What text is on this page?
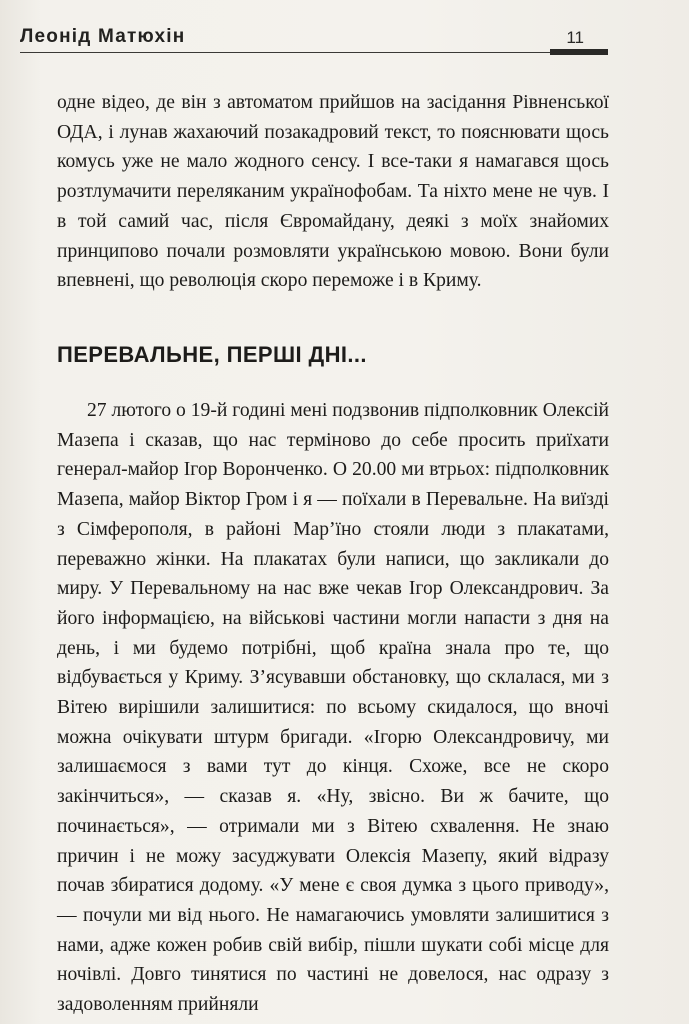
Леонід Матюхін	11

одне відео, де він з автоматом прийшов на засідання Рівненської ОДА, і лунав жахаючий позакадровий текст, то пояснювати щось комусь уже не мало жодного сенсу. І все-таки я намагався щось розтлумачити переляканим українофобам. Та ніхто мене не чув. І в той самий час, після Євромайдану, деякі з моїх знайомих принципово почали розмовляти українською мовою. Вони були впевнені, що революція скоро переможе і в Криму.

ПЕРЕВАЛЬНЕ, ПЕРШІ ДНІ...

27 лютого о 19-й годині мені подзвонив підполковник Олексій Мазепа і сказав, що нас терміново до себе просить приїхати генерал-майор Ігор Воронченко. О 20.00 ми втрьох: підполковник Мазепа, майор Віктор Гром і я — поїхали в Перевальне. На виїзді з Сімферополя, в районі Мар’їно стояли люди з плакатами, переважно жінки. На плакатах були написи, що закликали до миру. У Перевальному на нас вже чекав Ігор Олександрович. За його інформацією, на військові частини могли напасти з дня на день, і ми будемо потрібні, щоб країна знала про те, що відбувається у Криму. З’ясувавши обстановку, що склалася, ми з Вітею вирішили залишитися: по всьому скидалося, що вночі можна очікувати штурм бригади. «Ігорю Олександровичу, ми залишаємося з вами тут до кінця. Схоже, все не скоро закінчиться», — сказав я. «Ну, звісно. Ви ж бачите, що починається», — отримали ми з Вітею схвалення. Не знаю причин і не можу засуджувати Олексія Мазепу, який відразу почав збиратися додому. «У мене є своя думка з цього приводу», — почули ми від нього. Не намагаючись умовляти залишитися з нами, адже кожен робив свій вибір, пішли шукати собі місце для ночівлі. Довго тинятися по частині не довелося, нас одразу з задоволенням прийняли
